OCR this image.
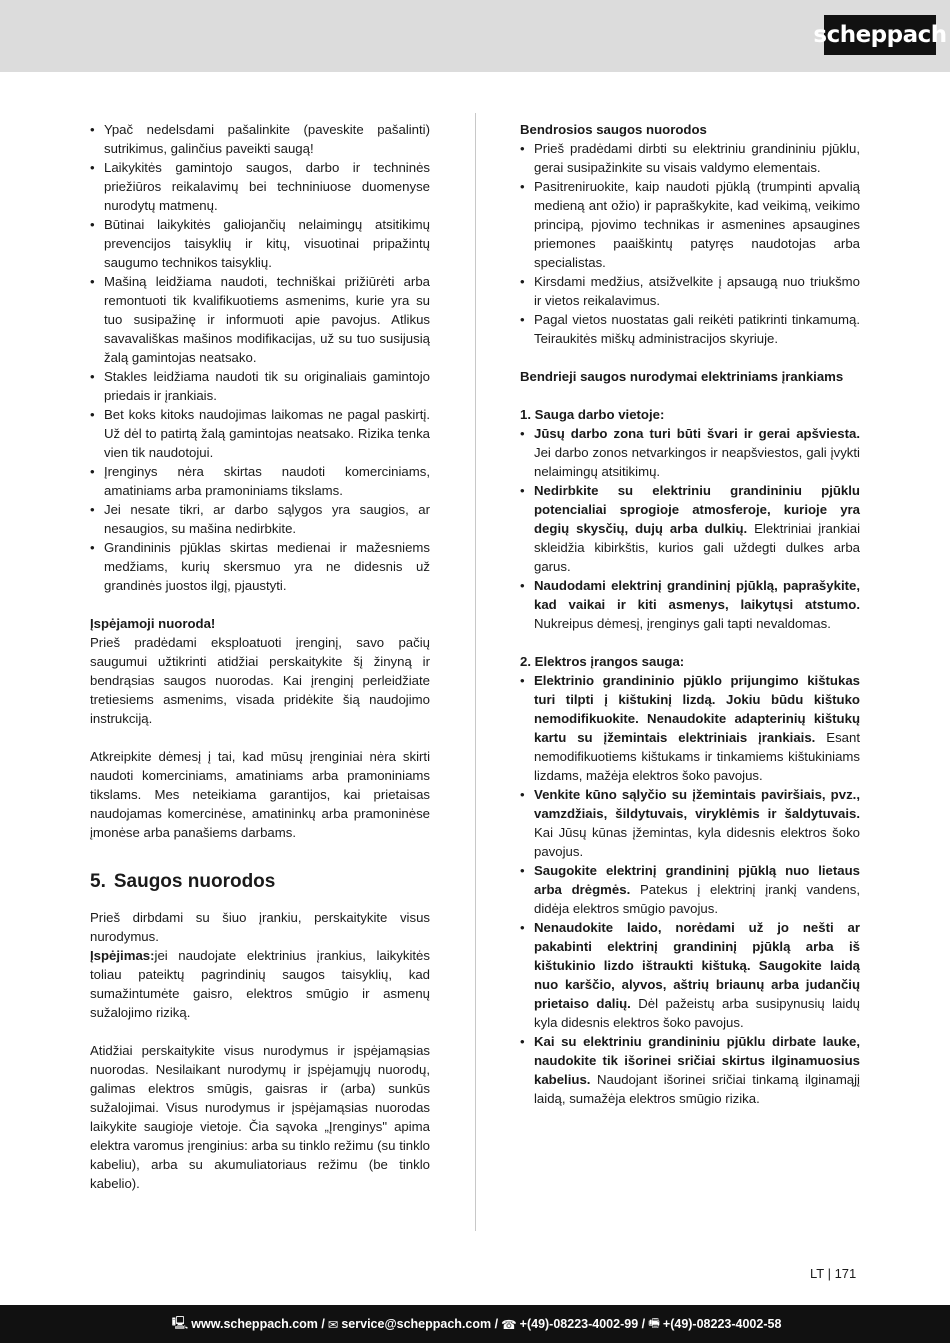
scheppach
• Ypač nedelsdami pašalinkite (paveskite pašalinti) sutrikimus, galinčius paveikti saugą!
• Laikykitės gamintojo saugos, darbo ir techninės priežiūros reikalavimų bei techniniuose duomenyse nurodytų matmenų.
• Būtinai laikykitės galiojančių nelaimingų atsitikimų prevencijos taisyklių ir kitų, visuotinai pripažintų saugumo technikos taisyklių.
• Mašiną leidžiama naudoti, techniškai prižiūrėti arba remontuoti tik kvalifikuotiems asmenims, kurie yra su tuo susipažinę ir informuoti apie pavojus. Atlikus savavališkas mašinos modifikacijas, už su tuo susijusią žalą gamintojas neatsako.
• Stakles leidžiama naudoti tik su originaliais gamintojo priedais ir įrankiais.
• Bet koks kitoks naudojimas laikomas ne pagal paskirtį. Už dėl to patirtą žalą gamintojas neatsako. Rizika tenka vien tik naudotojui.
• Įrenginys nėra skirtas naudoti komerciniams, amatiniams arba pramoniniams tikslams.
• Jei nesate tikri, ar darbo sąlygos yra saugios, ar nesaugios, su mašina nedirbkite.
• Grandininis pjūklas skirtas medienai ir mažesniems medžiams, kurių skersmuo yra ne didesnis už grandinės juostos ilgį, pjaustyti.

Įspėjamoji nuoroda!

Prieš pradėdami eksploatuoti įrenginį, savo pačių saugumui užtikrinti atidžiai perskaitykite šį žinyną ir bendrąsias saugos nuorodas. Kai įrenginį perleidžiate tretiesiems asmenims, visada pridėkite šią naudojimo instrukciją.

Atkreipkite dėmesį į tai, kad mūsų įrenginiai nėra skirti naudoti komerciniams, amatiniams arba pramoniniams tikslams. Mes neteikiama garantijos, kai prietaisas naudojamas komercinėse, amatininkų arba pramoninėse įmonėse arba panašiems darbams.

5. Saugos nuorodos

Prieš dirbdami su šiuo įrankiu, perskaitykite visus nurodymus.

Įspėjimas:jei naudojate elektrinius įrankius, laikykitės toliau pateiktų pagrindinių saugos taisyklių, kad sumažintumėte gaisro, elektros smūgio ir asmenų sužalojimo riziką.

Atidžiai perskaitykite visus nurodymus ir įspėjamąsias nuorodas. Nesilaikant nurodymų ir įspėjamųjų nuorodų, galimas elektros smūgis, gaisras ir (arba) sunkūs sužalojimai. Visus nurodymus ir įspėjamąsias nuorodas laikykite saugioje vietoje. Čia sąvoka „Įrenginys" apima elektra varomus įrenginius: arba su tinklo režimu (su tinklo kabeliu), arba su akumuliatoriaus režimu (be tinklo kabelio).

Bendrosios saugos nuorodos

• Prieš pradėdami dirbti su elektriniu grandininiu pjūklu, gerai susipažinkite su visais valdymo elementais.
• Pasitreniruokite, kaip naudoti pjūklą (trumpinti apvalią medieną ant ožio) ir papraškykite, kad veikimą, veikimo principą, pjovimo technikas ir asmenines apsaugines priemones paaiškintų patyręs naudotojas arba specialistas.
• Kirsdami medžius, atsižvelkite į apsaugą nuo triukšmo ir vietos reikalavimus.
• Pagal vietos nuostatas gali reikėti patikrinti tinkamumą. Teiraukitės miškų administracijos skyriuje.

Bendrieji saugos nurodymai elektriniams įrankiams

1. Sauga darbo vietoje:

• Jūsų darbo zona turi būti švari ir gerai apšviesta. Jei darbo zonos netvarkingos ir neapšviestos, gali įvykti nelaimingų atsitikimų.
• Nedirbkite su elektriniu grandininiu pjūklu potencialiai sprogioje atmosferoje, kurioje yra degių skysčių, dujų arba dulkių. Elektriniai įrankiai skleidžia kibirkštis, kurios gali uždegti dulkes arba garus.
• Naudodami elektrinį grandininį pjūklą, paprašykite, kad vaikai ir kiti asmenys, laikytųsi atstumo. Nukreipus dėmesį, įrenginys gali tapti nevaldomas.

2. Elektros įrangos sauga:

• Elektrinio grandininio pjūklo prijungimo kištukas turi tilpti į kištukinį lizdą. Jokiu būdu kištuko nemodifikuokite. Nenaudokite adapterinių kištukų kartu su įžemintais elektriniais įrankiais. Esant nemodifikuotiems kištukams ir tinkamiems kištukiniams lizdams, mažėja elektros šoko pavojus.
• Venkite kūno sąlyčio su įžemintais paviršiais, pvz., vamzdžiais, šildytuvais, viryklėmis ir šaldytuvais. Kai Jūsų kūnas įžemintas, kyla didesnis elektros šoko pavojus.
• Saugokite elektrinį grandininį pjūklą nuo lietaus arba drėgmės. Patekus į elektrinį įrankį vandens, didėja elektros smūgio pavojus.
• Nenaudokite laido, norėdami už jo nešti ar pakabinti elektrinį grandininį pjūklą arba iš kištukinio lizdo ištraukti kištuką. Saugokite laidą nuo karščio, alyvos, aštrių briaunų arba judančių prietaiso dalių. Dėl pažeistų arba susipynusių laidų kyla didesnis elektros šoko pavojus.
• Kai su elektriniu grandininiu pjūklu dirbate lauke, naudokite tik išorinei sričiai skirtus ilginamuosius kabelius. Naudojant išorinei sričiai tinkamą ilginamąjį laidą, sumažėja elektros smūgio rizika.
LT | 171
🖳︎ www.scheppach.com / ✉︎ service@scheppach.com / ☎︎ +(49)-08223-4002-99 / 🖷︎ +(49)-08223-4002-58
